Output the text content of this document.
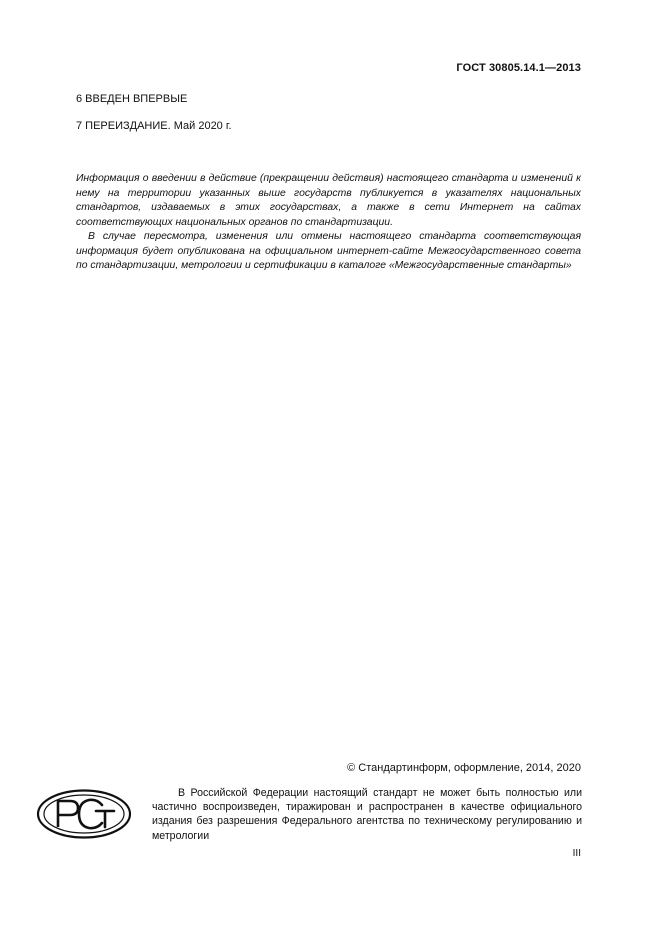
ГОСТ 30805.14.1—2013
6 ВВЕДЕН ВПЕРВЫЕ
7 ПЕРЕИЗДАНИЕ. Май 2020 г.

Информация о введении в действие (прекращении действия) настоящего стандарта и изменений к нему на территории указанных выше государств публикуется в указателях национальных стандартов, издаваемых в этих государствах, а также в сети Интернет на сайтах соответствующих национальных органов по стандартизации.

В случае пересмотра, изменения или отмены настоящего стандарта соответствующая информация будет опубликована на официальном интернет-сайте Межгосударственного совета по стандартизации, метрологии и сертификации в каталоге «Межгосударственные стандарты»

© Стандартинформ, оформление, 2014, 2020

В Российской Федерации настоящий стандарт не может быть полностью или частично воспроизведен, тиражирован и распространен в качестве официального издания без разрешения Федерального агентства по техническому регулированию и метрологии

III
